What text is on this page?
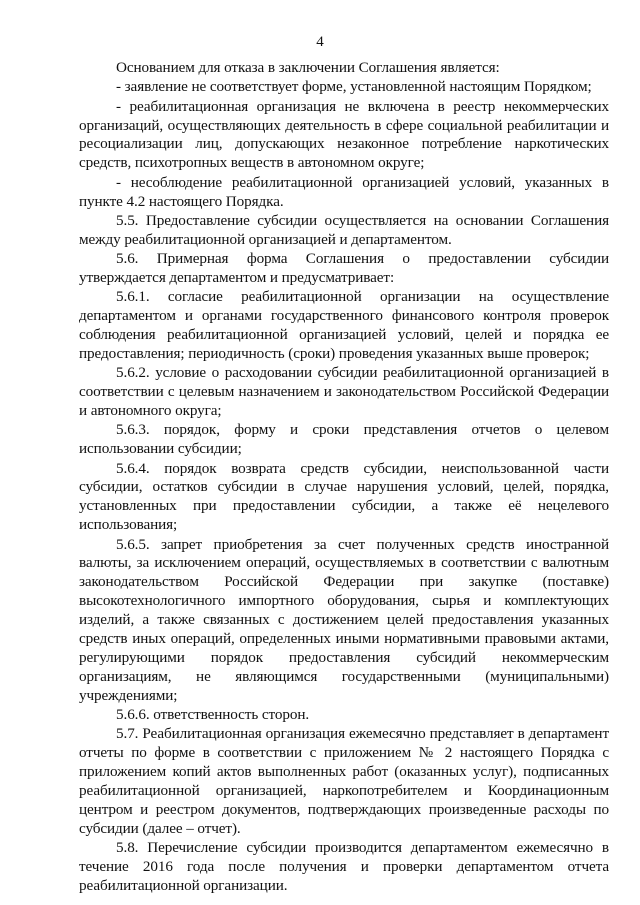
4

Основанием для отказа в заключении Соглашения является:

- заявление не соответствует форме, установленной настоящим Порядком;

- реабилитационная организация не включена в реестр некоммерческих организаций, осуществляющих деятельность в сфере социальной реабилитации и ресоциализации лиц, допускающих незаконное потребление наркотических средств, психотропных веществ в автономном округе;

- несоблюдение реабилитационной организацией условий, указанных в пункте 4.2 настоящего Порядка.

5.5. Предоставление субсидии осуществляется на основании Соглашения между реабилитационной организацией и департаментом.

5.6. Примерная форма Соглашения о предоставлении субсидии утверждается департаментом и предусматривает:

5.6.1. согласие реабилитационной организации на осуществление департаментом и органами государственного финансового контроля проверок соблюдения реабилитационной организацией условий, целей и порядка ее предоставления; периодичность (сроки) проведения указанных выше проверок;

5.6.2. условие о расходовании субсидии реабилитационной организацией в соответствии с целевым назначением и законодательством Российской Федерации и автономного округа;

5.6.3. порядок, форму и сроки представления отчетов о целевом использовании субсидии;

5.6.4. порядок возврата средств субсидии, неиспользованной части субсидии, остатков субсидии в случае нарушения условий, целей, порядка, установленных при предоставлении субсидии, а также её нецелевого использования;

5.6.5. запрет приобретения за счет полученных средств иностранной валюты, за исключением операций, осуществляемых в соответствии с валютным законодательством Российской Федерации при закупке (поставке) высокотехнологичного импортного оборудования, сырья и комплектующих изделий, а также связанных с достижением целей предоставления указанных средств иных операций, определенных иными нормативными правовыми актами, регулирующими порядок предоставления субсидий некоммерческим организациям, не являющимся государственными (муниципальными) учреждениями;

5.6.6. ответственность сторон.

5.7. Реабилитационная организация ежемесячно представляет в департамент отчеты по форме в соответствии с приложением № 2 настоящего Порядка с приложением копий актов выполненных работ (оказанных услуг), подписанных реабилитационной организацией, наркопотребителем и Координационным центром и реестром документов, подтверждающих произведенные расходы по субсидии (далее – отчет).

5.8. Перечисление субсидии производится департаментом ежемесячно в течение 2016 года после получения и проверки департаментом отчета реабилитационной организации.
